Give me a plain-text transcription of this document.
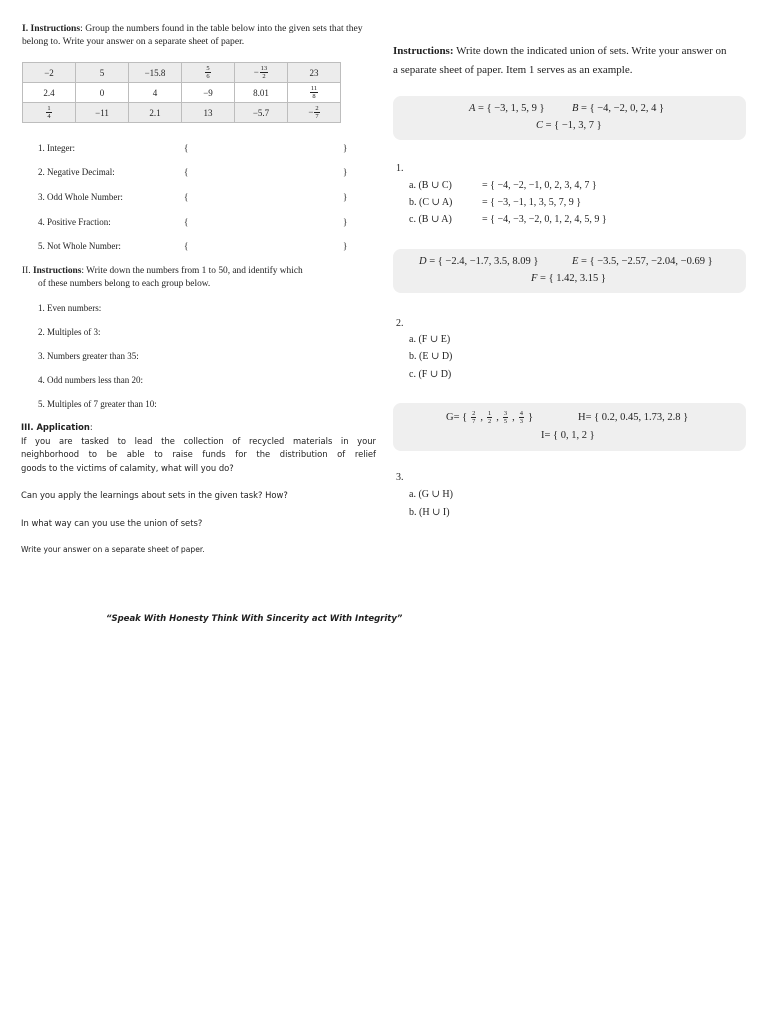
I. Instructions: Group the numbers found in the table below into the given sets that they belong to. Write your answer on a separate sheet of paper.
−2	5	−15.8	$\frac{5}{6}$	− $\frac{13}{2}$	23
2.4	0	4	−9	8.01	$\frac{11}{8}$

$\frac{1}{4}$	−11	2.1	13	−5.7	− $\frac{2}{7}$
1. Integer:	{	}
2. Negative Decimal:	{	}
3. Odd Whole Number:	{	}
4. Positive Fraction:	{	}
5. Not Whole Number:	{	}
II. Instructions: Write down the numbers from 1 to 50, and identify which
of these numbers belong to each group below.
1. Even numbers:
2. Multiples of 3:
3. Numbers greater than 35:
4. Odd numbers less than 20:
5. Multiples of 7 greater than 10:
III. Application:
If you are tasked to lead the collection of recycled materials in your
neighborhood to be able to raise funds for the distribution of relief
goods to the victims of calamity, what will you do?
Can you apply the learnings about sets in the given task? How?
In what way can you use the union of sets?
Write your answer on a separate sheet of paper.
“Speak With Honesty Think With Sincerity act With Integrity”
Instructions: Write down the indicated union of sets. Write your answer on
a separate sheet of paper. Item 1 serves as an example.
A = { −3, 1, 5, 9 }	B = { −4, −2, 0, 2, 4 }
C = { −1, 3, 7 }
1.
a. (B ∪ C)	= { −4, −2, −1, 0, 2, 3, 4, 7 }
b. (C ∪ A)	= { −3, −1, 1, 3, 5, 7, 9 }
c. (B ∪ A)	= { −4, −3, −2, 0, 1, 2, 4, 5, 9 }
D = { −2.4, −1.7, 3.5, 8.09 }	E = { −3.5, −2.57, −2.04, −0.69 }
F = { 1.42, 3.15 }
2.
a. (F ∪ E)
b. (E ∪ D)
c. (F ∪ D)
G= { $\frac{2}{7}$ , $\frac{1}{2}$ , $\frac{3}{5}$ , $\frac{4}{3}$ }	H= { 0.2, 0.45, 1.73, 2.8 }
I= { 0, 1, 2 }
3.
a. (G ∪ H)
b. (H ∪ I)
